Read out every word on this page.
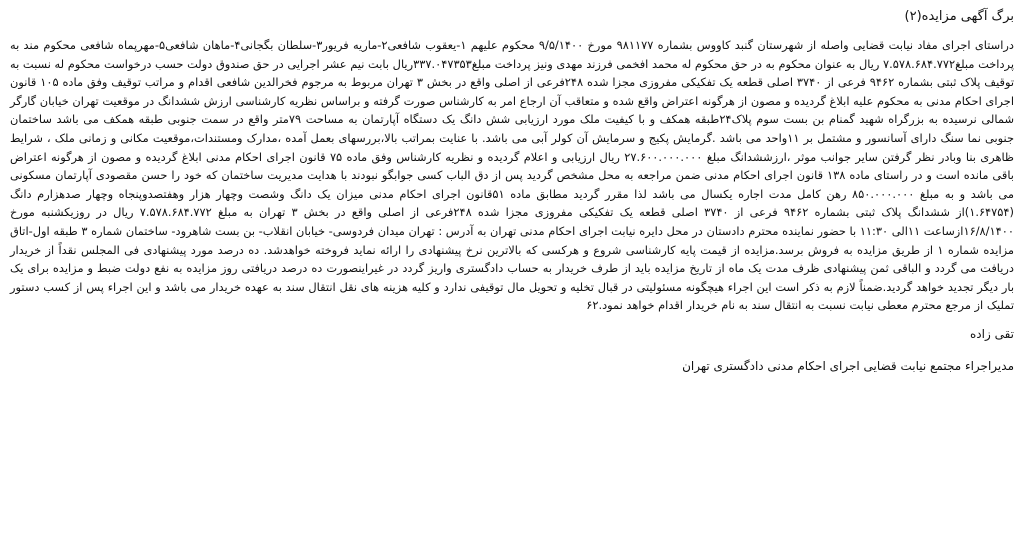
برگ آگهی مزایده(۲)

دراستای اجرای مفاد نیابت قضایی واصله از شهرستان گنبد کاووس بشماره ۹۸۱۱۷۷ مورخ ۹/۵/۱۴۰۰ محکوم علیهم ۱-یعقوب شافعی۲-ماریه فریور۳-سلطان بگجانی۴-ماهان شافعی۵-مهرپماه شافعی محکوم مند به پرداخت مبلغ۷.۵۷۸.۶۸۴.۷۷۲ ریال به عنوان محکوم به در حق محکوم له محمد افخمی فرزند مهدی ونیز پرداخت مبلغ۳۳۷.۰۴۷۳۵۳ریال بابت نیم عشر اجرایی در حق صندوق دولت حسب درخواست محکوم له نسبت به توقیف پلاک ثبتی بشماره ۹۴۶۲ فرعی از ۳۷۴۰ اصلی قطعه یک تفکیکی مفروزی مجزا شده ۲۴۸فرعی از اصلی واقع در بخش ۳ تهران مربوط به مرجوم فخرالدین شافعی اقدام و مراتب توقیف وفق ماده ۱۰۵ قانون اجرای احکام مدنی به محکوم علیه ابلاغ گردیده و مصون از هرگونه اعتراض واقع شده و متعاقب آن ارجاع امر به کارشناس صورت گرفته و براساس نظریه کارشناسی ارزش ششدانگ در موقعیت تهران خیابان گارگر شمالی نرسیده به بزرگراه شهید گمنام بن بست سوم پلاک۲۴طبقه همکف و با کیفیت ملک مورد ارزیابی شش دانگ یک دستگاه آپارتمان به مساحت ۷۹متر واقع در سمت جنوبی طبقه همکف می باشد ساختمان جنوبی نما سنگ دارای آسانسور و مشتمل بر ۱۱واحد می باشد .گرمایش پکیج و سرمایش آن کولر آبی می باشد. با عنایت بمراتب بالا،بررسهای بعمل آمده ،مدارک ومستندات،موقعیت مکانی و زمانی ملک ، شرایط ظاهری بنا وبادر نظر گرفتن سایر جوانب موثر ،ارزششدانگ مبلغ ۲۷.۶۰۰.۰۰۰.۰۰۰ ریال ارزیابی و اعلام گردیده و نظریه کارشناس وفق ماده ۷۵ قانون اجرای احکام مدنی ابلاغ گردیده و مصون از هرگونه اعتراض باقی مانده است و در راستای ماده ۱۳۸ قانون اجرای احکام مدنی ضمن مراجعه به محل مشخص گردید پس از دق الباب کسی جوابگو نبودند با هدایت مدیریت ساختمان که خود را حسن مقصودی آپارتمان مسکونی می باشد و به مبلغ ۸۵۰.۰۰۰.۰۰۰ رهن کامل مدت اجاره یکسال می باشد لذا مقرر گردید مطابق ماده ۵۱قانون اجرای احکام مدنی میزان یک دانگ وشصت وچهار هزار وهفتصدوپنجاه وچهار صدهزارم دانگ (۱.۶۴۷۵۴)از ششدانگ پلاک ثبتی بشماره ۹۴۶۲ فرعی از ۳۷۴۰ اصلی قطعه یک تفکیکی مفروزی مجزا شده ۲۴۸فرعی از اصلی واقع در بخش ۳ تهران به مبلغ ۷.۵۷۸.۶۸۴.۷۷۲ ریال در روزیکشنبه مورخ ۱۶/۸/۱۴۰۰ازساعت ۱۱الی ۱۱:۳۰ با حضور نماینده محترم دادستان در محل دایره نیابت اجرای احکام مدنی تهران به آدرس : تهران میدان فردوسی- خیابان انقلاب- بن بست شاهرود- ساختمان شماره ۳ طبقه اول-اتاق مزایده شماره ۱ از طریق مزایده به فروش برسد.مزایده از قیمت پایه کارشناسی شروع و هرکسی که بالاترین نرخ پیشنهادی را ارائه نماید فروخته خواهدشد. ده درصد مورد پیشنهادی فی المجلس نقداً از خریدار دریافت می گردد و الباقی ثمن پیشنهادی ظرف مدت یک ماه از تاریخ مزایده باید از طرف خریدار به حساب دادگستری واریز گردد در غیراینصورت ده درصد دریافتی روز مزایده به نفع دولت ضبط و مزایده برای یک بار دیگر تجدید خواهد گردید.ضمناً لازم به ذکر است این اجراء هیچگونه مسئولیتی در قبال تخلیه و تحویل مال توقیفی ندارد و کلیه هزینه های نقل انتقال سند به عهده خریدار می باشد و این اجراء پس از کسب دستور تملیک از مرجع محترم معطی نیابت نسبت به انتقال سند به نام خریدار اقدام خواهد نمود.۶۲

تقی زاده

مدیراجراء مجتمع نیابت قضایی اجرای احکام مدنی دادگستری تهران
